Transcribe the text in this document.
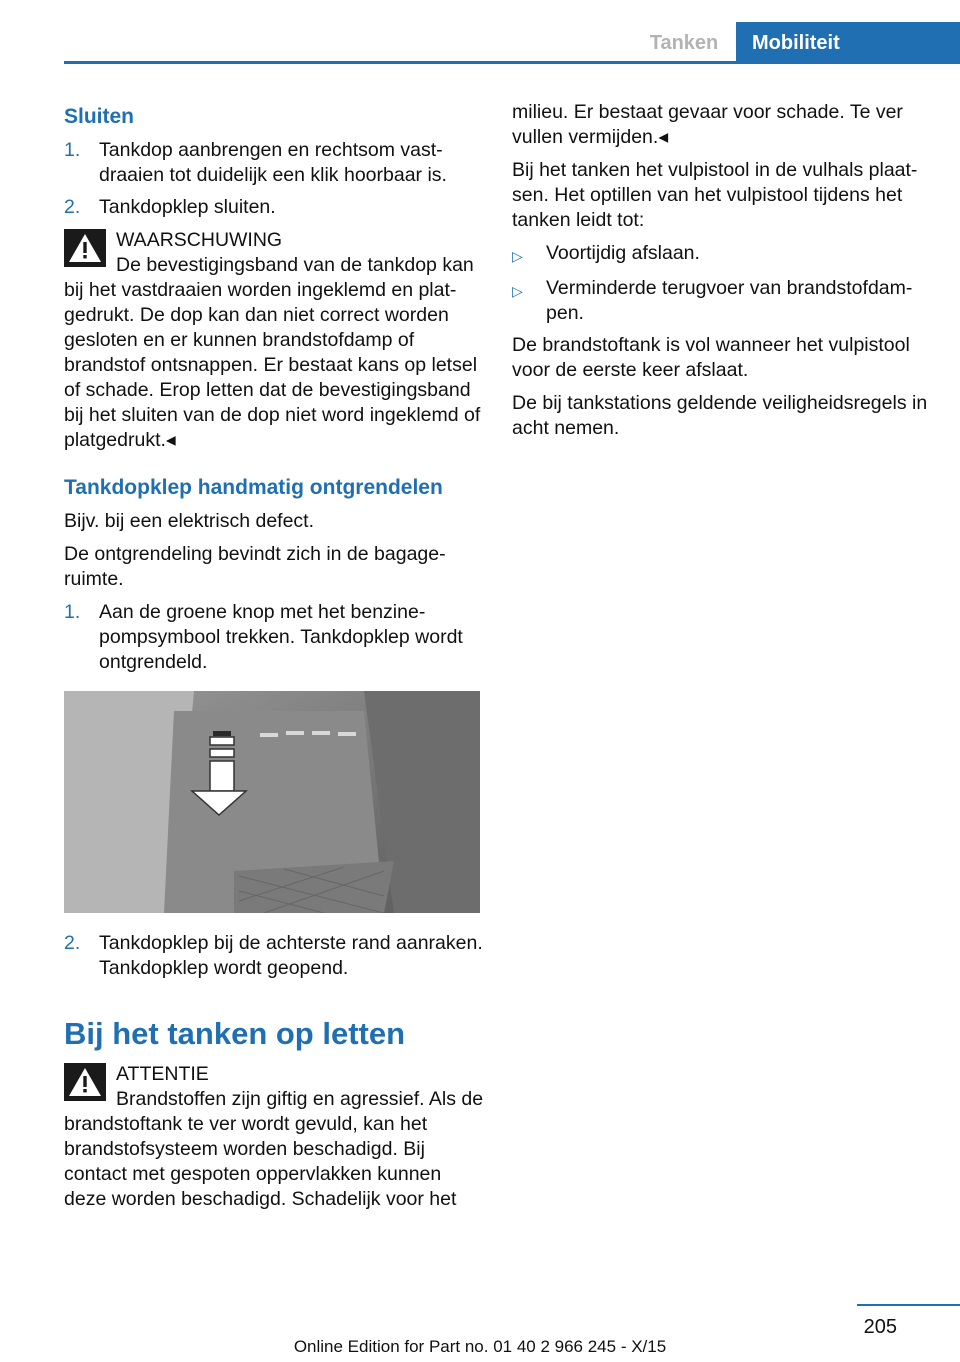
Tanken	Mobiliteit
Sluiten
1. Tankdop aanbrengen en rechtsom vastdraaien tot duidelijk een klik hoorbaar is.
2. Tankdopklep sluiten.
WAARSCHUWING

De bevestigingsband van de tankdop kan bij het vastdraaien worden ingeklemd en platgedrukt. De dop kan dan niet correct worden gesloten en er kunnen brandstofdamp of brandstof ontsnappen. Er bestaat kans op letsel of schade. Erop letten dat de bevestigingsband bij het sluiten van de dop niet word ingeklemd of platgedrukt.◂

Tankdopklep handmatig ontgrendelen

Bijv. bij een elektrisch defect.

De ontgrendeling bevindt zich in de bagageruimte.

1. Aan de groene knop met het benzinepompsymbool trekken. Tankdopklep wordt ontgrendeld.
2. Tankdopklep bij de achterste rand aanraken. Tankdopklep wordt geopend.
Bij het tanken op letten
ATTENTIE

Brandstoffen zijn giftig en agressief. Als de brandstoftank te ver wordt gevuld, kan het brandstofsysteem worden beschadigd. Bij contact met gespoten oppervlakken kunnen deze worden beschadigd. Schadelijk voor het

milieu. Er bestaat gevaar voor schade. Te ver vullen vermijden.◂

Bij het tanken het vulpistool in de vulhals plaatsen. Het optillen van het vulpistool tijdens het tanken leidt tot:

▷	Voortijdig afslaan.
▷	Verminderde terugvoer van brandstofdampen.

De brandstoftank is vol wanneer het vulpistool voor de eerste keer afslaat.

De bij tankstations geldende veiligheidsregels in acht nemen.

205
Online Edition for Part no. 01 40 2 966 245 - X/15
